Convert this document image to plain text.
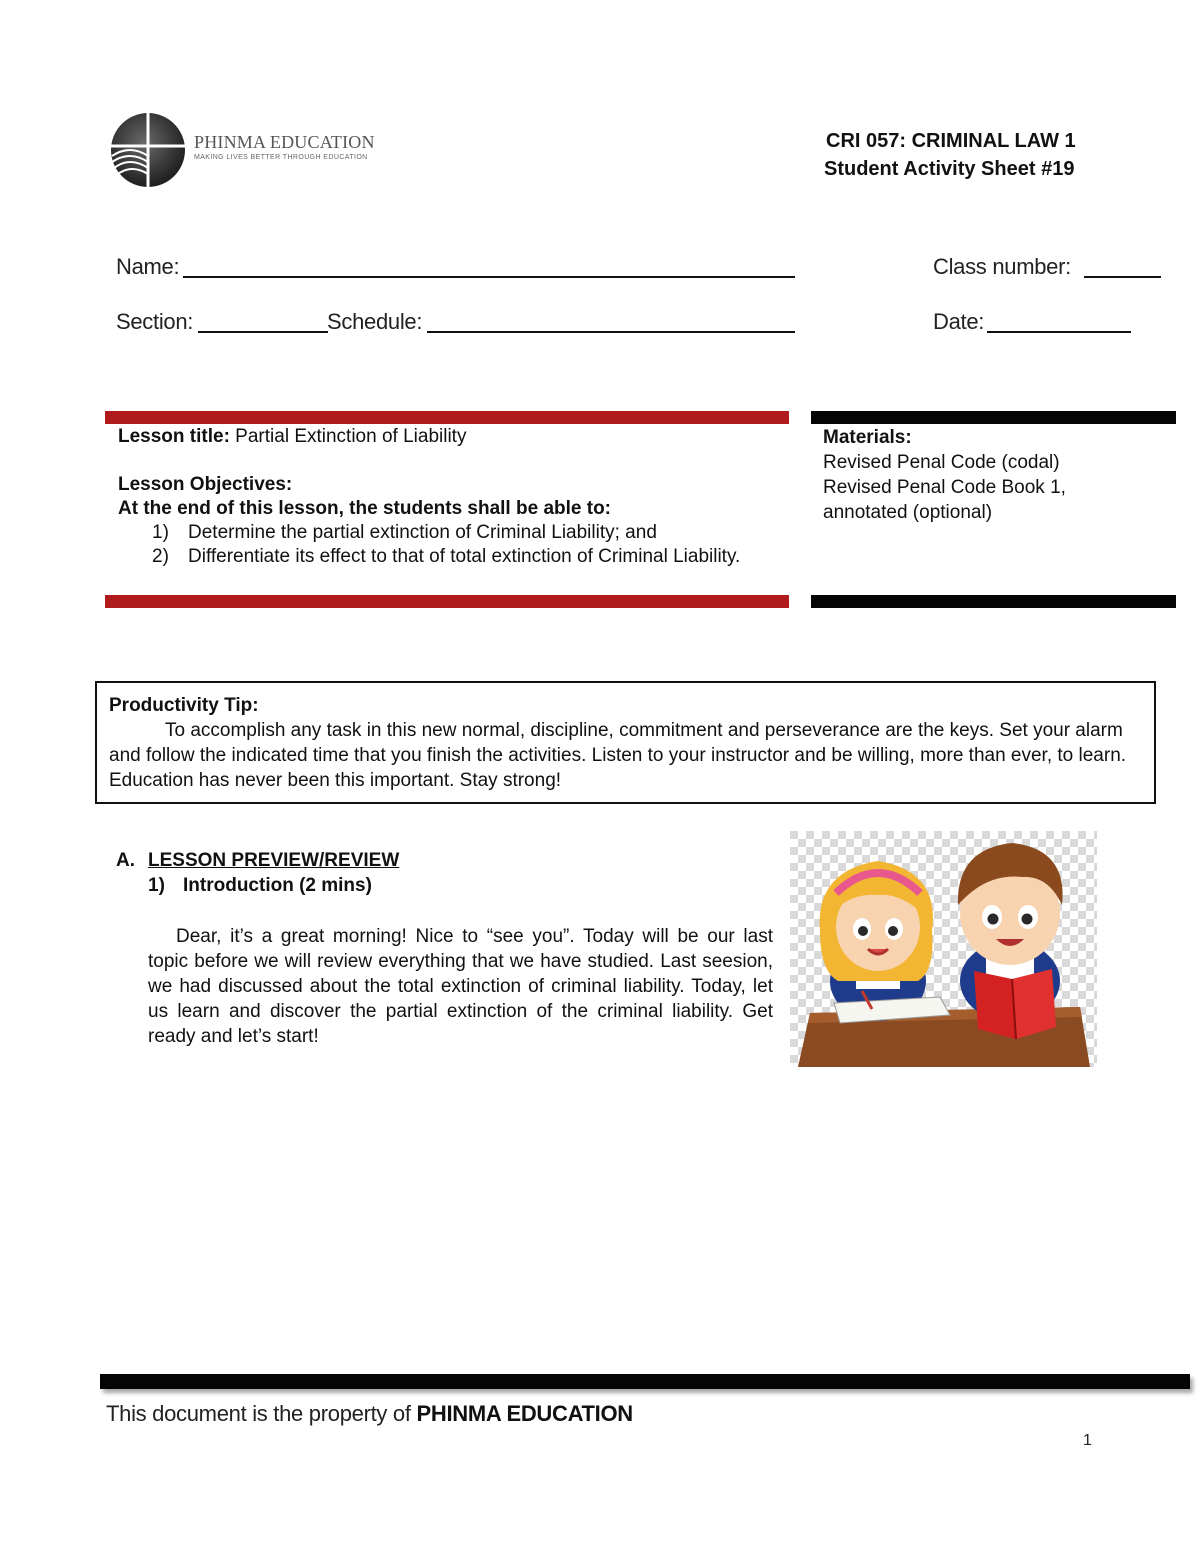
PHINMA EDUCATION
MAKING LIVES BETTER THROUGH EDUCATION
CRI 057: CRIMINAL LAW 1
Student Activity Sheet #19
Name:	Class number:
Section:	Schedule:	Date:

Lesson title: Partial Extinction of Liability

Lesson Objectives:

At the end of this lesson, the students shall be able to:

1) Determine the partial extinction of Criminal Liability; and
2) Differentiate its effect to that of total extinction of Criminal Liability.
Materials:
Revised Penal Code (codal)
Revised Penal Code Book 1, annotated (optional)
Productivity Tip:
To accomplish any task in this new normal, discipline, commitment and perseverance are the keys. Set your alarm and follow the indicated time that you finish the activities. Listen to your instructor and be willing, more than ever, to learn. Education has never been this important. Stay strong!
A. LESSON PREVIEW/REVIEW
1) Introduction (2 mins)
Dear, it’s a great morning! Nice to “see you”. Today will be our last topic before we will review everything that we have studied. Last seesion, we had discussed about the total extinction of criminal liability. Today, let us learn and discover the partial extinction of the criminal liability. Get ready and let’s start!
This document is the property of PHINMA EDUCATION
1
